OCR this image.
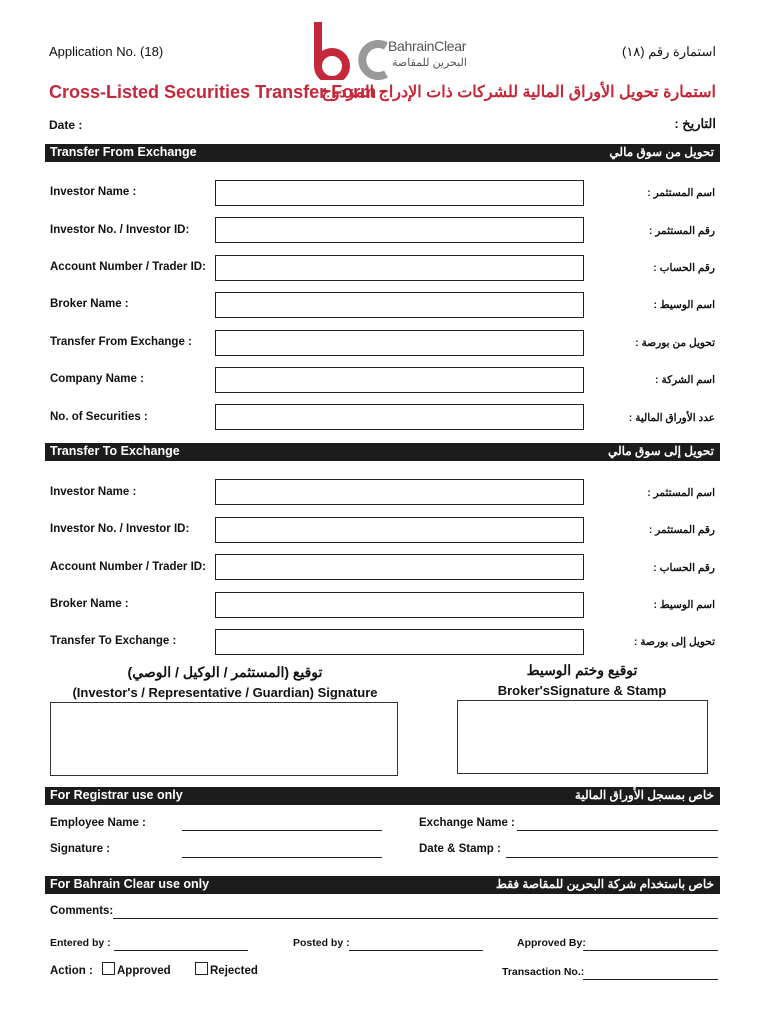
Application No. (18)	استمارة رقم (١٨)
BahrainClear
البحرين للمقاصة
Cross-Listed Securities Transfer Form
استمارة تحويل الأوراق المالية للشركات ذات الإدراج المزدوج
Date :	التاريخ :
Transfer From Exchange	تحويل من سوق مالي
Investor Name :	اسم المستثمر :
Investor No. / Investor ID:	رقم المستثمر :
Account Number / Trader ID:	رقم الحساب :
Broker Name :	اسم الوسيط :
Transfer From Exchange :	تحويل من بورصة :
Company Name :	اسم الشركة :
No. of Securities :	عدد الأوراق المالية :
Transfer To Exchange	تحويل إلى سوق مالي
Investor Name :	اسم المستثمر :
Investor No. / Investor ID:	رقم المستثمر :
Account Number / Trader ID:	رقم الحساب :
Broker Name :	اسم الوسيط :
Transfer To Exchange :	تحويل إلى بورصة :
توقيع (المستثمر / الوكيل / الوصي)
(Investor's / Representative / Guardian) Signature
توقيع وختم الوسيط
Broker'sSignature & Stamp
For Registrar use only	خاص بمسجل الأوراق المالية
Employee Name :	Exchange Name :
Signature :	Date & Stamp :
For Bahrain Clear use only	خاص باستخدام شركة البحرين للمقاصة فقط
Comments:
Entered by :	Posted by :	Approved By:
Action : Approved	Rejected	Transaction No.:
